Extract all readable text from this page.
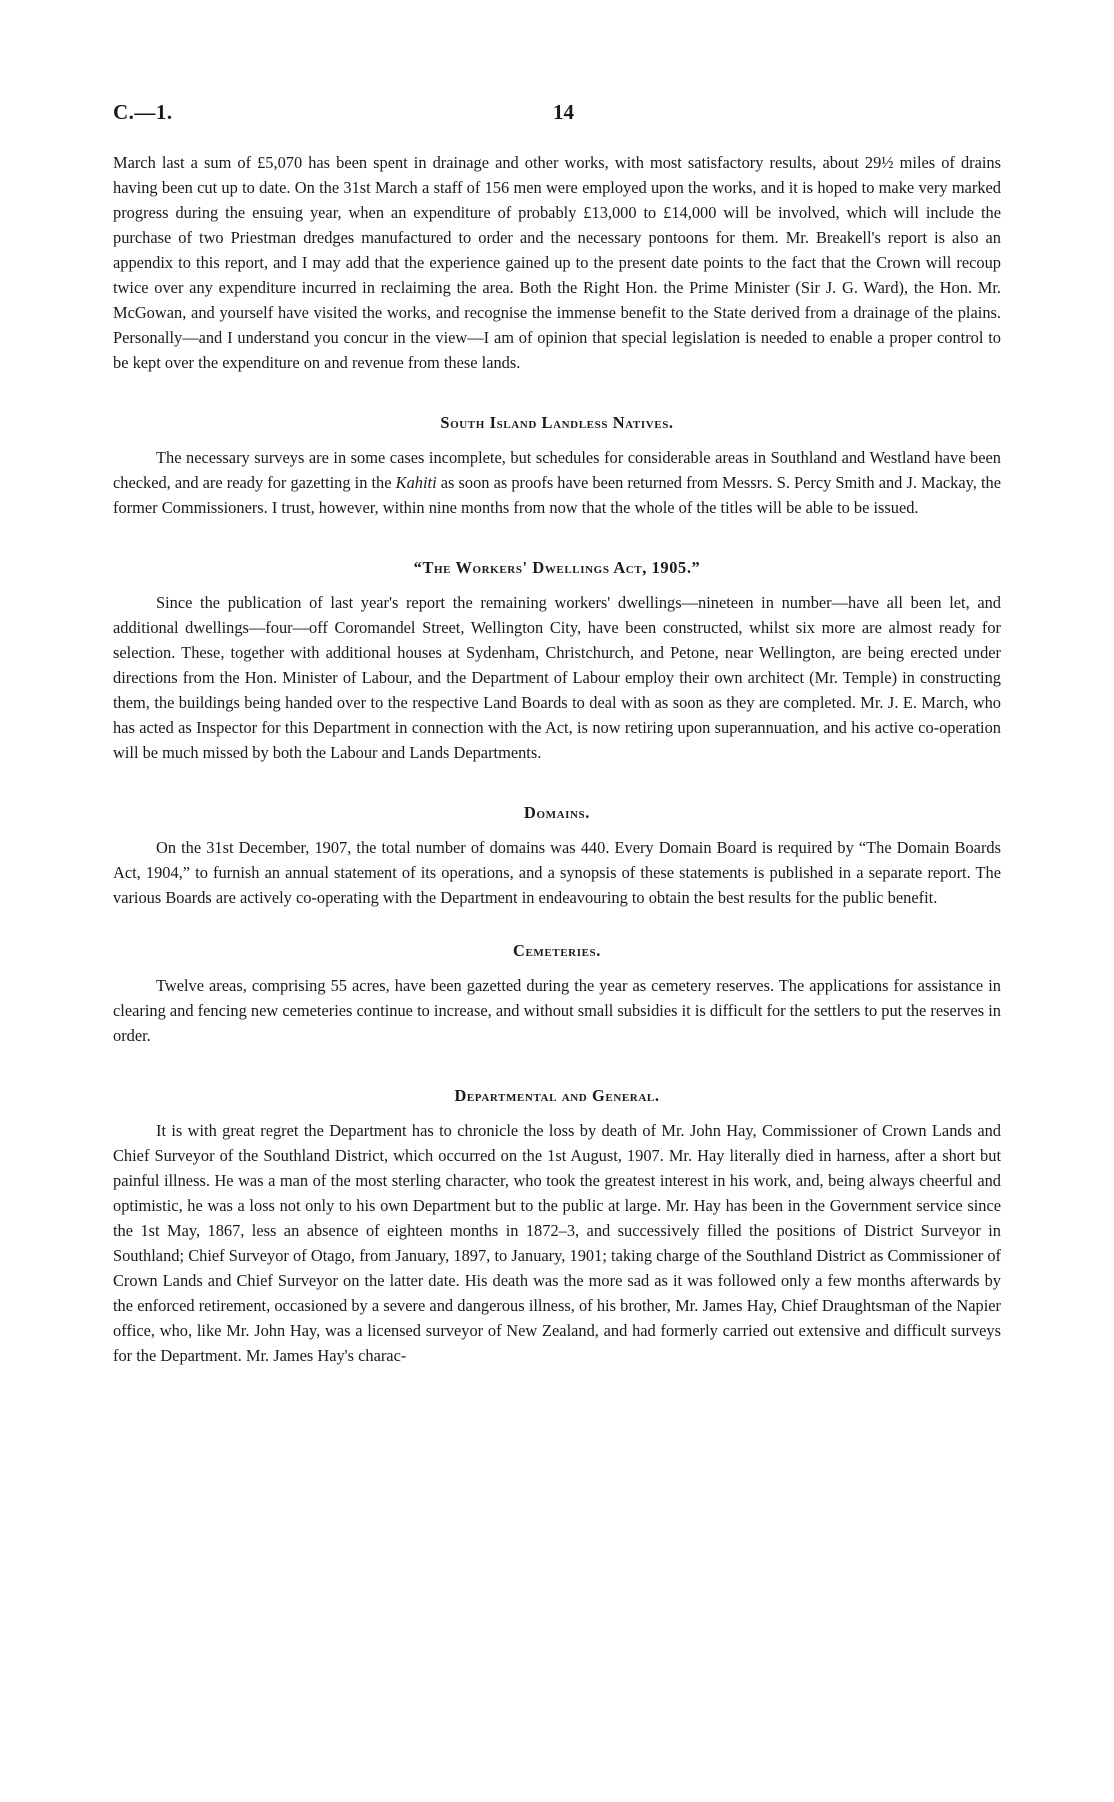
C.—1.	14

March last a sum of £5,070 has been spent in drainage and other works, with most satisfactory results, about 29½ miles of drains having been cut up to date. On the 31st March a staff of 156 men were employed upon the works, and it is hoped to make very marked progress during the ensuing year, when an expenditure of probably £13,000 to £14,000 will be involved, which will include the purchase of two Priestman dredges manufactured to order and the necessary pontoons for them. Mr. Breakell's report is also an appendix to this report, and I may add that the experience gained up to the present date points to the fact that the Crown will recoup twice over any expenditure incurred in reclaiming the area. Both the Right Hon. the Prime Minister (Sir J. G. Ward), the Hon. Mr. McGowan, and yourself have visited the works, and recognise the immense benefit to the State derived from a drainage of the plains. Personally—and I understand you concur in the view—I am of opinion that special legislation is needed to enable a proper control to be kept over the expenditure on and revenue from these lands.

South Island Landless Natives.

The necessary surveys are in some cases incomplete, but schedules for considerable areas in Southland and Westland have been checked, and are ready for gazetting in the Kahiti as soon as proofs have been returned from Messrs. S. Percy Smith and J. Mackay, the former Commissioners. I trust, however, within nine months from now that the whole of the titles will be able to be issued.

“The Workers' Dwellings Act, 1905.”

Since the publication of last year's report the remaining workers' dwellings—nineteen in number—have all been let, and additional dwellings—four—off Coromandel Street, Wellington City, have been constructed, whilst six more are almost ready for selection. These, together with additional houses at Sydenham, Christchurch, and Petone, near Wellington, are being erected under directions from the Hon. Minister of Labour, and the Department of Labour employ their own architect (Mr. Temple) in constructing them, the buildings being handed over to the respective Land Boards to deal with as soon as they are completed. Mr. J. E. March, who has acted as Inspector for this Department in connection with the Act, is now retiring upon superannuation, and his active co-operation will be much missed by both the Labour and Lands Departments.

Domains.

On the 31st December, 1907, the total number of domains was 440. Every Domain Board is required by “The Domain Boards Act, 1904,” to furnish an annual statement of its operations, and a synopsis of these statements is published in a separate report. The various Boards are actively co-operating with the Department in endeavouring to obtain the best results for the public benefit.

Cemeteries.

Twelve areas, comprising 55 acres, have been gazetted during the year as cemetery reserves. The applications for assistance in clearing and fencing new cemeteries continue to increase, and without small subsidies it is difficult for the settlers to put the reserves in order.

Departmental and General.

It is with great regret the Department has to chronicle the loss by death of Mr. John Hay, Commissioner of Crown Lands and Chief Surveyor of the Southland District, which occurred on the 1st August, 1907. Mr. Hay literally died in harness, after a short but painful illness. He was a man of the most sterling character, who took the greatest interest in his work, and, being always cheerful and optimistic, he was a loss not only to his own Department but to the public at large. Mr. Hay has been in the Government service since the 1st May, 1867, less an absence of eighteen months in 1872–3, and successively filled the positions of District Surveyor in Southland; Chief Surveyor of Otago, from January, 1897, to January, 1901; taking charge of the Southland District as Commissioner of Crown Lands and Chief Surveyor on the latter date. His death was the more sad as it was followed only a few months afterwards by the enforced retirement, occasioned by a severe and dangerous illness, of his brother, Mr. James Hay, Chief Draughtsman of the Napier office, who, like Mr. John Hay, was a licensed surveyor of New Zealand, and had formerly carried out extensive and difficult surveys for the Department. Mr. James Hay's charac-
